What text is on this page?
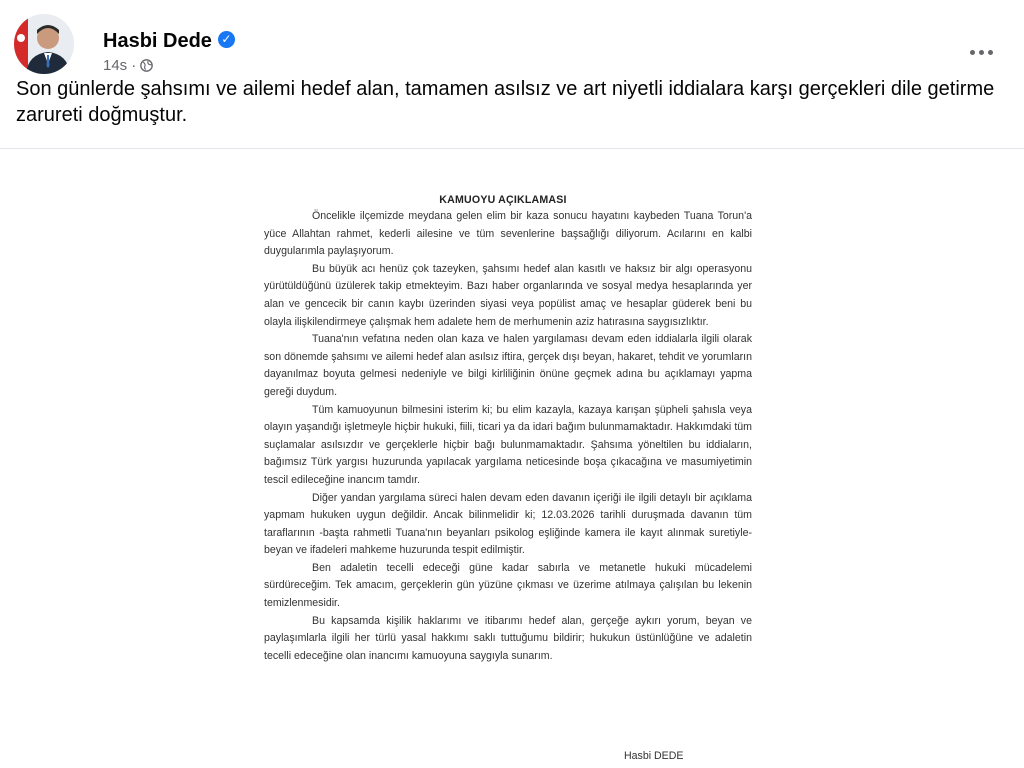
Hasbi Dede ✓
14s ·
Son günlerde şahsımı ve ailemi hedef alan, tamamen asılsız ve art niyetli iddialara karşı gerçekleri dile getirme zarureti doğmuştur.
KAMUOYU AÇIKLAMASI

Öncelikle ilçemizde meydana gelen elim bir kaza sonucu hayatını kaybeden Tuana Torun'a yüce Allahtan rahmet, kederli ailesine ve tüm sevenlerine başsağlığı diliyorum. Acılarını en kalbi duygularımla paylaşıyorum.

Bu büyük acı henüz çok tazeyken, şahsımı hedef alan kasıtlı ve haksız bir algı operasyonu yürütüldüğünü üzülerek takip etmekteyim. Bazı haber organlarında ve sosyal medya hesaplarında yer alan ve gencecik bir canın kaybı üzerinden siyasi veya popülist amaç ve hesaplar güderek beni bu olayla ilişkilendirmeye çalışmak hem adalete hem de merhumenin aziz hatırasına saygısızlıktır.

Tuana'nın vefatına neden olan kaza ve halen yargılaması devam eden iddialarla ilgili olarak son dönemde şahsımı ve ailemi hedef alan asılsız iftira, gerçek dışı beyan, hakaret, tehdit ve yorumların dayanılmaz boyuta gelmesi nedeniyle ve bilgi kirliliğinin önüne geçmek adına bu açıklamayı yapma gereği duydum.

Tüm kamuoyunun bilmesini isterim ki; bu elim kazayla, kazaya karışan şüpheli şahısla veya olayın yaşandığı işletmeyle hiçbir hukuki, fiili, ticari ya da idari bağım bulunmamaktadır. Hakkımdaki tüm suçlamalar asılsızdır ve gerçeklerle hiçbir bağı bulunmamaktadır. Şahsıma yöneltilen bu iddiaların, bağımsız Türk yargısı huzurunda yapılacak yargılama neticesinde boşa çıkacağına ve masumiyetimin tescil edileceğine inancım tamdır.

Diğer yandan yargılama süreci halen devam eden davanın içeriği ile ilgili detaylı bir açıklama yapmam hukuken uygun değildir. Ancak bilinmelidir ki; 12.03.2026 tarihli duruşmada davanın tüm taraflarının -başta rahmetli Tuana'nın beyanları psikolog eşliğinde kamera ile kayıt alınmak suretiyle- beyan ve ifadeleri mahkeme huzurunda tespit edilmiştir.

Ben adaletin tecelli edeceği güne kadar sabırla ve metanetle hukuki mücadelemi sürdüreceğim. Tek amacım, gerçeklerin gün yüzüne çıkması ve üzerime atılmaya çalışılan bu lekenin temizlenmesidir.

Bu kapsamda kişilik haklarımı ve itibarımı hedef alan, gerçeğe aykırı yorum, beyan ve paylaşımlarla ilgili her türlü yasal hakkımı saklı tuttuğumu bildirir; hukukun üstünlüğüne ve adaletin tecelli edeceğine olan inancımı kamuoyuna saygıyla sunarım.

Hasbi DEDE
